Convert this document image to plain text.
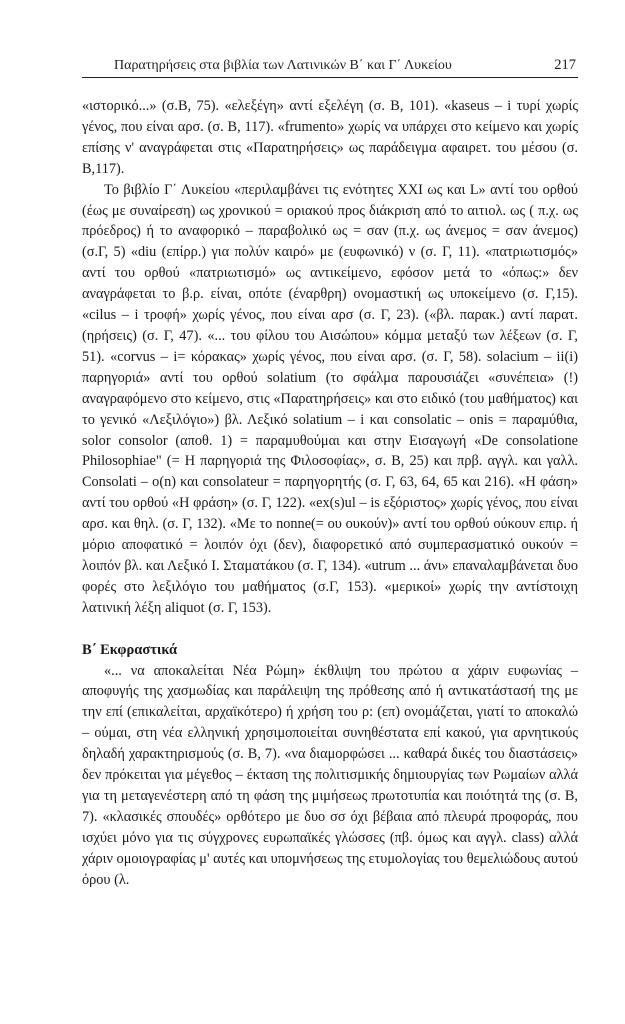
Παρατηρήσεις στα βιβλία των Λατινικών Β΄ και Γ΄ Λυκείου	217

«ιστορικό...» (σ.Β, 75). «ελεξέγη» αντί εξελέγη (σ. Β, 101). «kaseus – i τυρί χωρίς γένος, που είναι αρσ. (σ. Β, 117). «frumento» χωρίς να υπάρχει στο κείμενο και χωρίς επίσης ν' αναγράφεται στις «Παρατηρήσεις» ως παράδειγμα αφαιρετ. του μέσου (σ. Β,117).

Το βιβλίο Γ΄ Λυκείου «περιλαμβάνει τις ενότητες XXI ως και L» αντί του ορθού (έως με συναίρεση) ως χρονικού = οριακού προς διάκριση από το αιτιολ. ως ( π.χ. ως πρόεδρος) ή το αναφορικό – παραβολικό ως = σαν (π.χ. ως άνεμος = σαν άνεμος) (σ.Γ, 5) «diu (επίρρ.) για πολύν καιρό» με (ευφωνικό) ν (σ. Γ, 11). «πατριωτισμός» αντί του ορθού «πατριωτισμό» ως αντικείμενο, εφόσον μετά το «όπως:» δεν αναγράφεται το β.ρ. είναι, οπότε (έναρθρη) ονομαστική ως υποκείμενο (σ. Γ,15). «cilus – i τροφή» χωρίς γένος, που είναι αρσ (σ. Γ, 23). («βλ. παρακ.) αντί παρατ.(ηρήσεις) (σ. Γ, 47). «... του φίλου του Αισώπου» κόμμα μεταξύ των λέξεων (σ. Γ, 51). «corvus – i= κόρακας» χωρίς γένος, που είναι αρσ. (σ. Γ, 58). solacium – ii(i) παρηγοριά» αντί του ορθού solatium (το σφάλμα παρουσιάζει «συνέπεια» (!) αναγραφόμενο στο κείμενο, στις «Παρατηρήσεις» και στο ειδικό (του μαθήματος) και το γενικό «Λεξιλόγιο») βλ. Λεξικό solatium – i και consolatic – onis = παραμύθια, solor consolor (αποθ. 1) = παραμυθούμαι και στην Εισαγωγή «De consolatione Philosophiae" (= Η παρηγοριά της Φιλοσοφίας», σ. Β, 25) και πρβ. αγγλ. και γαλλ. Consolati – o(n) και consolateur = παρηγορητής (σ. Γ, 63, 64, 65 και 216). «Η φάση» αντί του ορθού «Η φράση» (σ. Γ, 122). «ex(s)ul – is εξόριστος» χωρίς γένος, που είναι αρσ. και θηλ. (σ. Γ, 132). «Με το nonne(= ου ουκούν)» αντί του ορθού ούκουν επιρ. ή μόριο αποφατικό = λοιπόν όχι (δεν), διαφορετικό από συμπερασματικό ουκούν = λοιπόν βλ. και Λεξικό Ι. Σταματάκου (σ. Γ, 134). «utrum ... άνι» επαναλαμβάνεται δυο φορές στο λεξιλόγιο του μαθήματος (σ.Γ, 153). «μερικοί» χωρίς την αντίστοιχη λατινική λέξη aliquot (σ. Γ, 153).

Β΄ Εκφραστικά

«... να αποκαλείται Νέα Ρώμη» έκθλιψη του πρώτου α χάριν ευφωνίας – αποφυγής της χασμωδίας και παράλειψη της πρόθεσης από ή αντικατάστασή της με την επί (επικαλείται, αρχαϊκότερο) ή χρήση του ρ: (επ) ονομάζεται, γιατί το αποκαλώ – ούμαι, στη νέα ελληνική χρησιμοποιείται συνηθέστατα επί κακού, για αρνητικούς δηλαδή χαρακτηρισμούς (σ. Β, 7). «να διαμορφώσει ... καθαρά δικές του διαστάσεις» δεν πρόκειται για μέγεθος – έκταση της πολιτισμικής δημιουργίας των Ρωμαίων αλλά για τη μεταγενέστερη από τη φάση της μιμήσεως πρωτοτυπία και ποιότητά της (σ. Β, 7). «κλασικές σπουδές» ορθότερο με δυο σσ όχι βέβαια από πλευρά προφοράς, που ισχύει μόνο για τις σύγχρονες ευρωπαϊκές γλώσσες (πβ. όμως και αγγλ. class) αλλά χάριν ομοιογραφίας μ' αυτές και υπομνήσεως της ετυμολογίας του θεμελιώδους αυτού όρου (λ.
